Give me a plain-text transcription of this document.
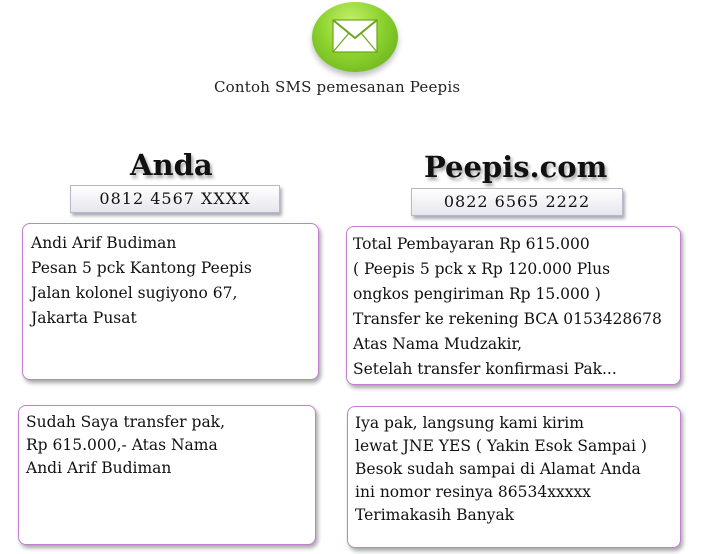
Contoh SMS pemesanan Peepis
Anda
0812 4567 XXXX
Peepis.com
0822 6565 2222
Andi Arif Budiman
Pesan 5 pck Kantong Peepis
Jalan kolonel sugiyono 67,
Jakarta Pusat
Total Pembayaran Rp 615.000
( Peepis 5 pck x Rp 120.000 Plus
ongkos pengiriman Rp 15.000 )
Transfer ke rekening BCA 0153428678
Atas Nama Mudzakir,
Setelah transfer konfirmasi Pak...
Sudah Saya transfer pak,
Rp 615.000,- Atas Nama
Andi Arif Budiman
Iya pak, langsung kami kirim
lewat JNE YES ( Yakin Esok Sampai )
Besok sudah sampai di Alamat Anda
ini nomor resinya 86534xxxxx
Terimakasih Banyak
